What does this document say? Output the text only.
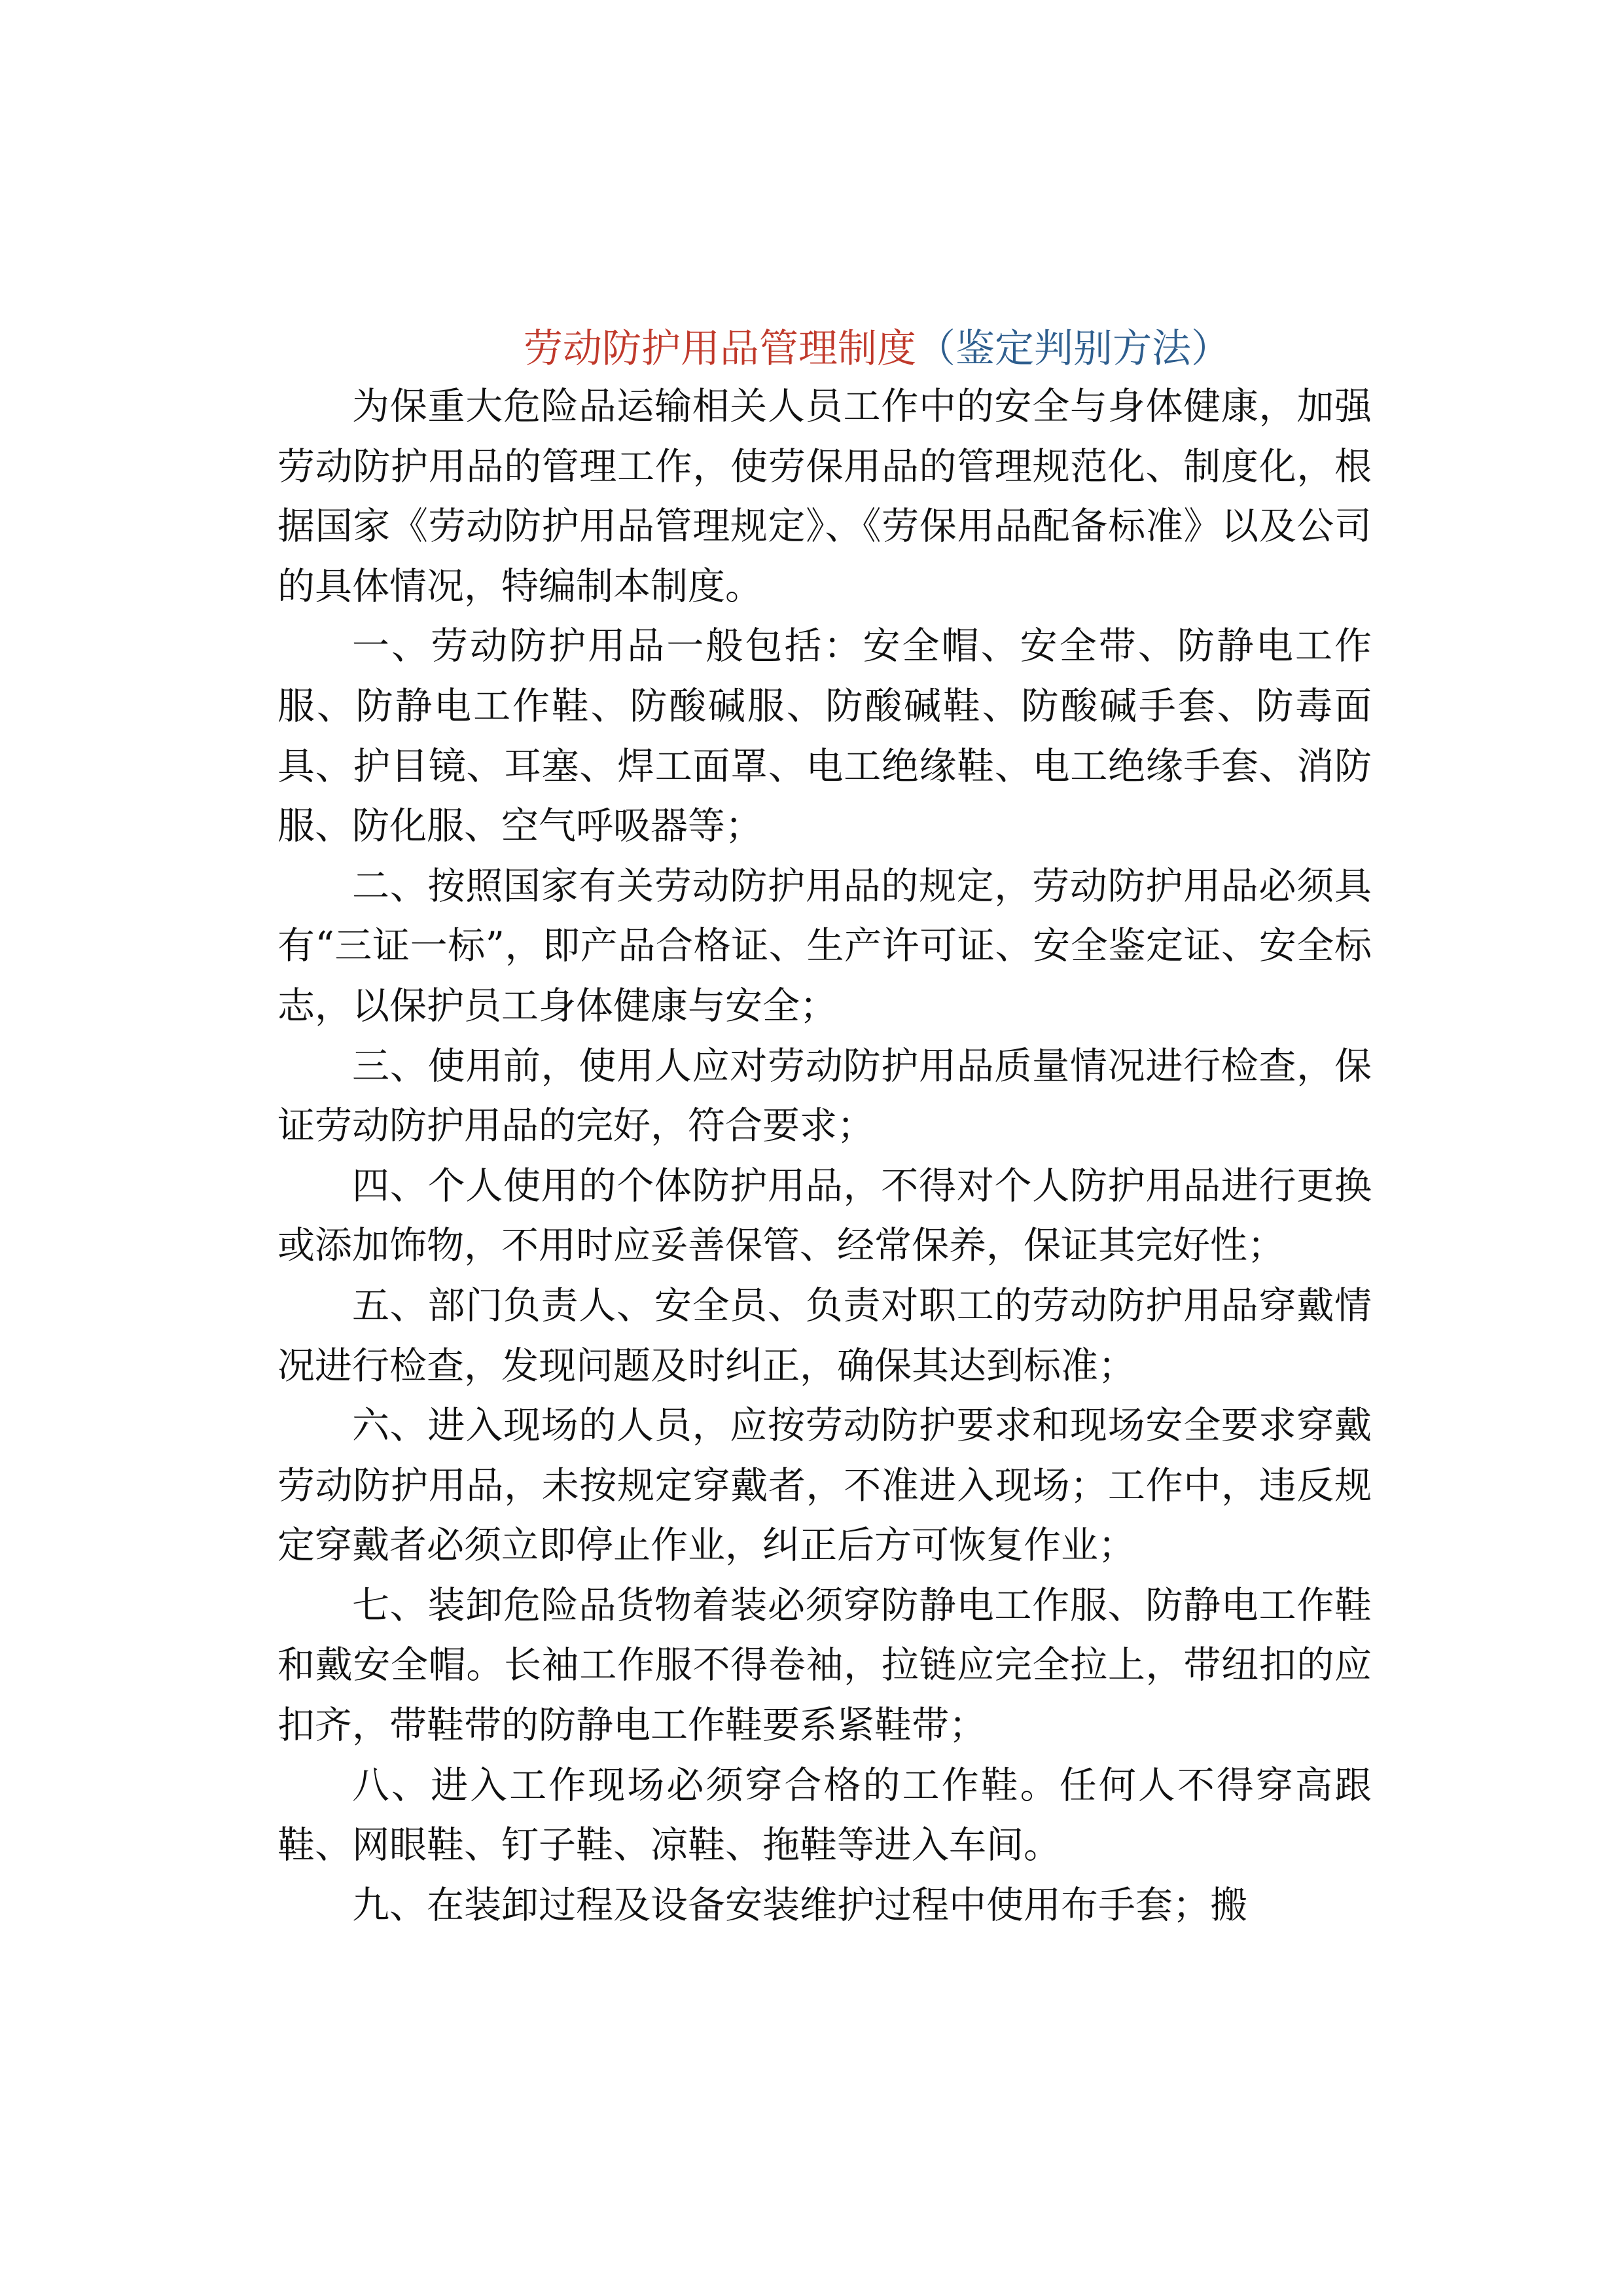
劳动防护用品管理制度（鉴定判别方法）

为保重大危险品运输相关人员工作中的安全与身体健康，加强劳动防护用品的管理工作，使劳保用品的管理规范化、制度化，根据国家《劳动防护用品管理规定》、《劳保用品配备标准》以及公司的具体情况，特编制本制度。

一、劳动防护用品一般包括：安全帽、安全带、防静电工作服、防静电工作鞋、防酸碱服、防酸碱鞋、防酸碱手套、防毒面具、护目镜、耳塞、焊工面罩、电工绝缘鞋、电工绝缘手套、消防服、防化服、空气呼吸器等；

二、按照国家有关劳动防护用品的规定，劳动防护用品必须具有“三证一标”，即产品合格证、生产许可证、安全鉴定证、安全标志，以保护员工身体健康与安全；

三、使用前，使用人应对劳动防护用品质量情况进行检查，保证劳动防护用品的完好，符合要求；

四、个人使用的个体防护用品，不得对个人防护用品进行更换或添加饰物，不用时应妥善保管、经常保养，保证其完好性；

五、部门负责人、安全员、负责对职工的劳动防护用品穿戴情况进行检查，发现问题及时纠正，确保其达到标准；

六、进入现场的人员，应按劳动防护要求和现场安全要求穿戴劳动防护用品，未按规定穿戴者，不准进入现场；工作中，违反规定穿戴者必须立即停止作业，纠正后方可恢复作业；

七、装卸危险品货物着装必须穿防静电工作服、防静电工作鞋和戴安全帽。长袖工作服不得卷袖，拉链应完全拉上，带纽扣的应扣齐，带鞋带的防静电工作鞋要系紧鞋带；

八、进入工作现场必须穿合格的工作鞋。任何人不得穿高跟鞋、网眼鞋、钉子鞋、凉鞋、拖鞋等进入车间。

九、在装卸过程及设备安装维护过程中使用布手套；搬
